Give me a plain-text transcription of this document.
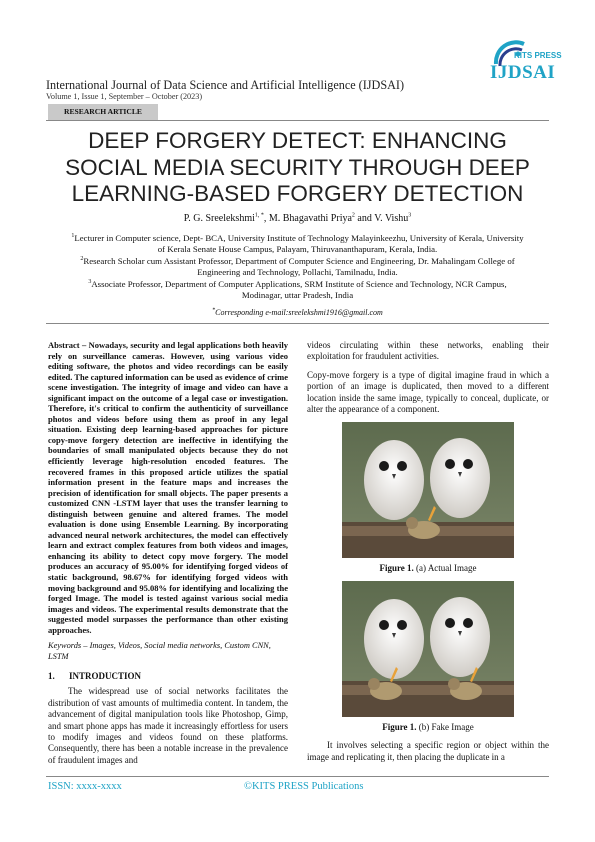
International Journal of Data Science and Artificial Intelligence (IJDSAI)
Volume 1, Issue 1, September – October (2023)
KITS PRESS
IJDSAI
RESEARCH ARTICLE
DEEP FORGERY DETECT: ENHANCING
SOCIAL MEDIA SECURITY THROUGH DEEP
LEARNING-BASED FORGERY DETECTION
P. G. Sreelekshmi$^{1, *}$, M. Bhagavathi Priya$^2$ and V. Vishu$^3$
$^1$Lecturer in Computer science, Dept- BCA, University Institute of Technology Malayinkeezhu, University of Kerala, University of Kerala Senate House Campus, Palayam, Thiruvananthapuram, Kerala, India.
$^2$Research Scholar cum Assistant Professor, Department of Computer Science and Engineering, Dr. Mahalingam College of Engineering and Technology, Pollachi, Tamilnadu, India.
$^3$Associate Professor, Department of Computer Applications, SRM Institute of Science and Technology, NCR Campus, Modinagar, uttar Pradesh, India
*Corresponding e-mail:sreelekshmi1916@gmail.com

Abstract – Nowadays, security and legal applications both heavily rely on surveillance cameras. However, using various video editing software, the photos and video recordings can be easily edited. The captured information can be used as evidence of crime scene investigation. The integrity of image and video can have a significant impact on the outcome of a legal case or investigation. Therefore, it's critical to confirm the authenticity of surveillance photos and videos before using them as proof in any legal situation. Existing deep learning-based approaches for picture copy-move forgery detection are ineffective in identifying the boundaries of small manipulated objects because they do not efficiently leverage high-resolution encoded features. The recovered frames in this proposed article utilizes the spatial information present in the feature maps and increases the precision of identification for small objects. The paper presents a customized CNN -LSTM layer that uses the transfer learning to distinguish between genuine and altered frames. The model evaluation is done using Ensemble Learning. By incorporating advanced neural network architectures, the model can effectively learn and extract complex features from both videos and images, enhancing its ability to detect copy move forgery. The model produces an accuracy of 95.00% for identifying forged videos of static background, 98.67% for identifying forged videos with moving background and 95.08% for identifying and localizing the forged Image. The model is tested against various social media images and videos. The experimental results demonstrate that the suggested model surpasses the performance than other existing approaches.

Keywords – Images, Videos, Social media networks, Custom CNN, LSTM

1. INTRODUCTION

The widespread use of social networks facilitates the distribution of vast amounts of multimedia content. In tandem, the advancement of digital manipulation tools like Photoshop, Gimp, and smart phone apps has made it increasingly effortless for users to modify images and videos found on these platforms. Consequently, there has been a notable increase in the prevalence of fraudulent images and

videos circulating within these networks, enabling their exploitation for fraudulent activities.

Copy-move forgery is a type of digital imagine fraud in which a portion of an image is duplicated, then moved to a different location inside the same image, typically to conceal, duplicate, or alter the appearance of a component.

Figure 1. (a) Actual Image
Figure 1. (b) Fake Image

It involves selecting a specific region or object within the image and replicating it, then placing the duplicate in a

ISSN: xxxx-xxxx	©KITS PRESS Publications
